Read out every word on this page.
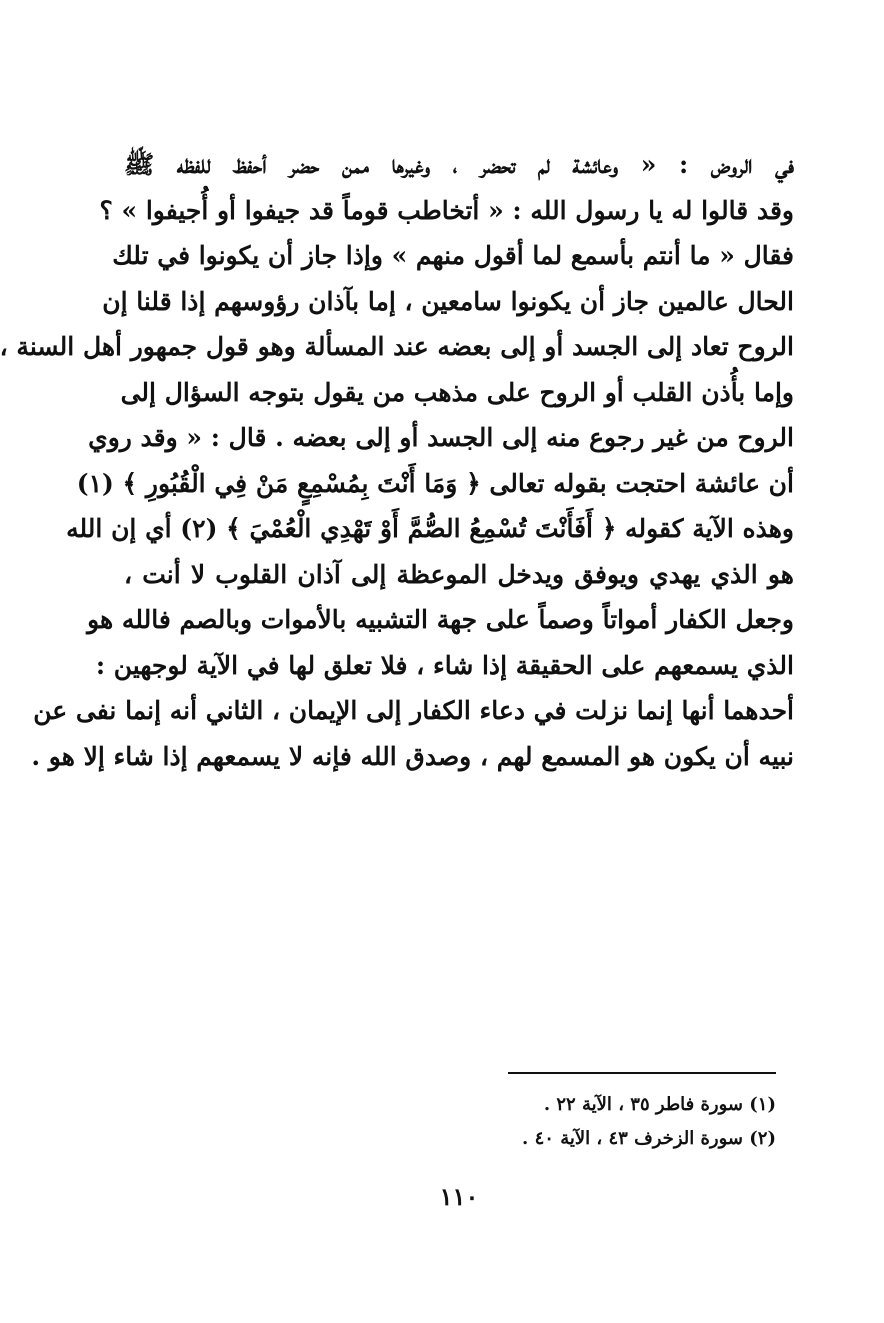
في الروض : « وعائشة لم تحضر ، وغيرها ممن حضر أحفظ للفظه ﷺ
وقد قالوا له يا رسول الله : « أتخاطب قوماً قد جيفوا أو أُجيفوا » ؟
فقال « ما أنتم بأسمع لما أقول منهم » وإذا جاز أن يكونوا في تلك
الحال عالمين جاز أن يكونوا سامعين ، إما بآذان رؤوسهم إذا قلنا إن
الروح تعاد إلى الجسد أو إلى بعضه عند المسألة وهو قول جمهور أهل السنة ،
وإما بأُذن القلب أو الروح على مذهب من يقول بتوجه السؤال إلى
الروح من غير رجوع منه إلى الجسد أو إلى بعضه . قال : « وقد روي
أن عائشة احتجت بقوله تعالى ﴿ وَمَا أَنْتَ بِمُسْمِعٍ مَنْ فِي الْقُبُورِ ﴾ (١)
وهذه الآية كقوله ﴿ أَفَأَنْتَ تُسْمِعُ الصُّمَّ أَوْ تَهْدِي الْعُمْيَ ﴾ (٢) أي إن الله
هو الذي يهدي ويوفق ويدخل الموعظة إلى آذان القلوب لا أنت ،
وجعل الكفار أمواتاً وصماً على جهة التشبيه بالأموات وبالصم فالله هو
الذي يسمعهم على الحقيقة إذا شاء ، فلا تعلق لها في الآية لوجهين :
أحدهما أنها إنما نزلت في دعاء الكفار إلى الإيمان ، الثاني أنه إنما نفى عن
نبيه أن يكون هو المسمع لهم ، وصدق الله فإنه لا يسمعهم إذا شاء إلا هو .
(١) سورة فاطر ٣٥ ، الآية ٢٢ .
(٢) سورة الزخرف ٤٣ ، الآية ٤٠ .
١١٠
